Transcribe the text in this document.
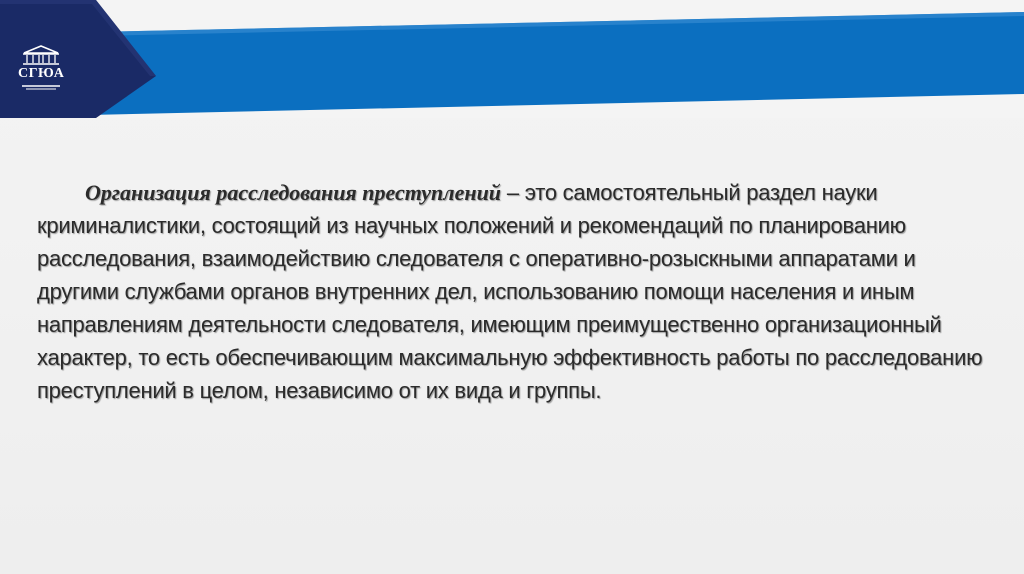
СГЮА

Организация расследования преступлений – это самостоятельный раздел науки криминалистики, состоящий из научных положений и рекомендаций по планированию расследования, взаимодействию следователя с оперативно-розыскными аппаратами и другими службами органов внутренних дел, использованию помощи населения и иным направлениям деятельности следователя, имеющим преимущественно организационный характер, то есть обеспечивающим максимальную эффективность работы по расследованию преступлений в целом, независимо от их вида и группы.
